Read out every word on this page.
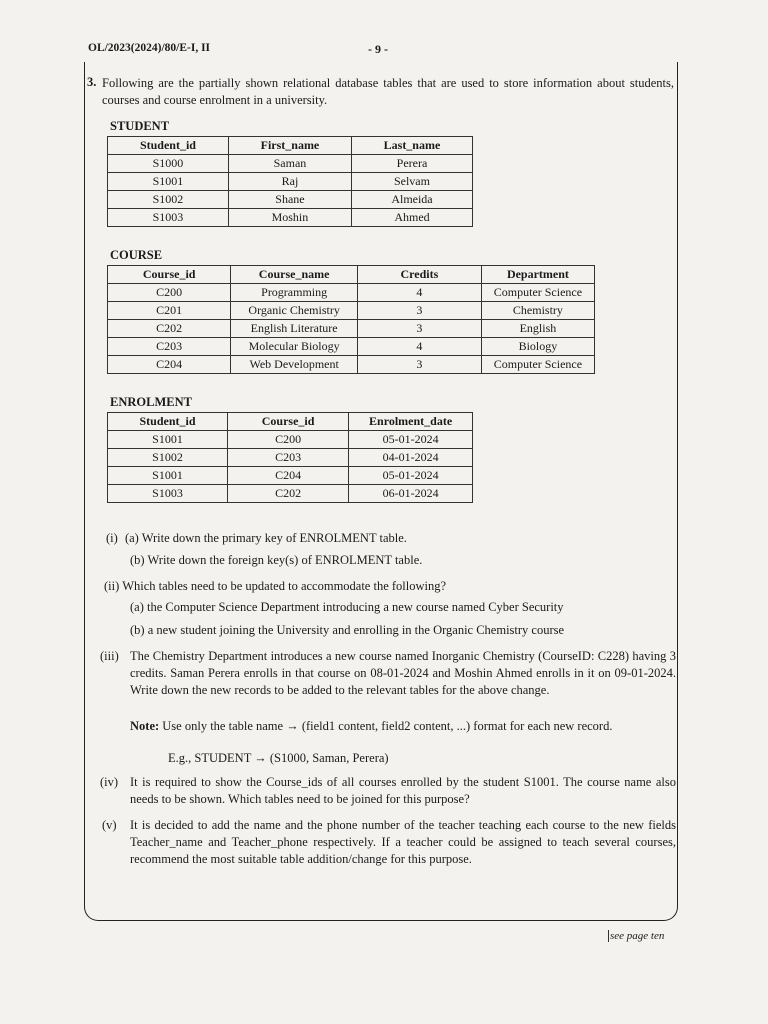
OL/2023(2024)/80/E-I, II	- 9 -
3. Following are the partially shown relational database tables that are used to store information about students, courses and course enrolment in a university.
STUDENT
Student_id	First_name	Last_name
S1000	Saman	Perera
S1001	Raj	Selvam
S1002	Shane	Almeida
S1003	Moshin	Ahmed
COURSE
Course_id	Course_name	Credits	Department
C200	Programming	4	Computer Science
C201	Organic Chemistry	3	Chemistry
C202	English Literature	3	English
C203	Molecular Biology	4	Biology
C204	Web Development	3	Computer Science
ENROLMENT
Student_id	Course_id	Enrolment_date
S1001	C200	05-01-2024
S1002	C203	04-01-2024
S1001	C204	05-01-2024
S1003	C202	06-01-2024
(i) (a) Write down the primary key of ENROLMENT table.
(b) Write down the foreign key(s) of ENROLMENT table.
(ii) Which tables need to be updated to accommodate the following?
(a) the Computer Science Department introducing a new course named Cyber Security
(b) a new student joining the University and enrolling in the Organic Chemistry course
(iii) The Chemistry Department introduces a new course named Inorganic Chemistry (CourseID: C228) having 3 credits. Saman Perera enrolls in that course on 08-01-2024 and Moshin Ahmed enrolls in it on 09-01-2024. Write down the new records to be added to the relevant tables for the above change.
Note: Use only the table name → (field1 content, field2 content, ...) format for each new record.
E.g., STUDENT → (S1000, Saman, Perera)
(iv) It is required to show the Course_ids of all courses enrolled by the student S1001. The course name also needs to be shown. Which tables need to be joined for this purpose?
(v) It is decided to add the name and the phone number of the teacher teaching each course to the new fields Teacher_name and Teacher_phone respectively. If a teacher could be assigned to teach several courses, recommend the most suitable table addition/change for this purpose.
see page ten
